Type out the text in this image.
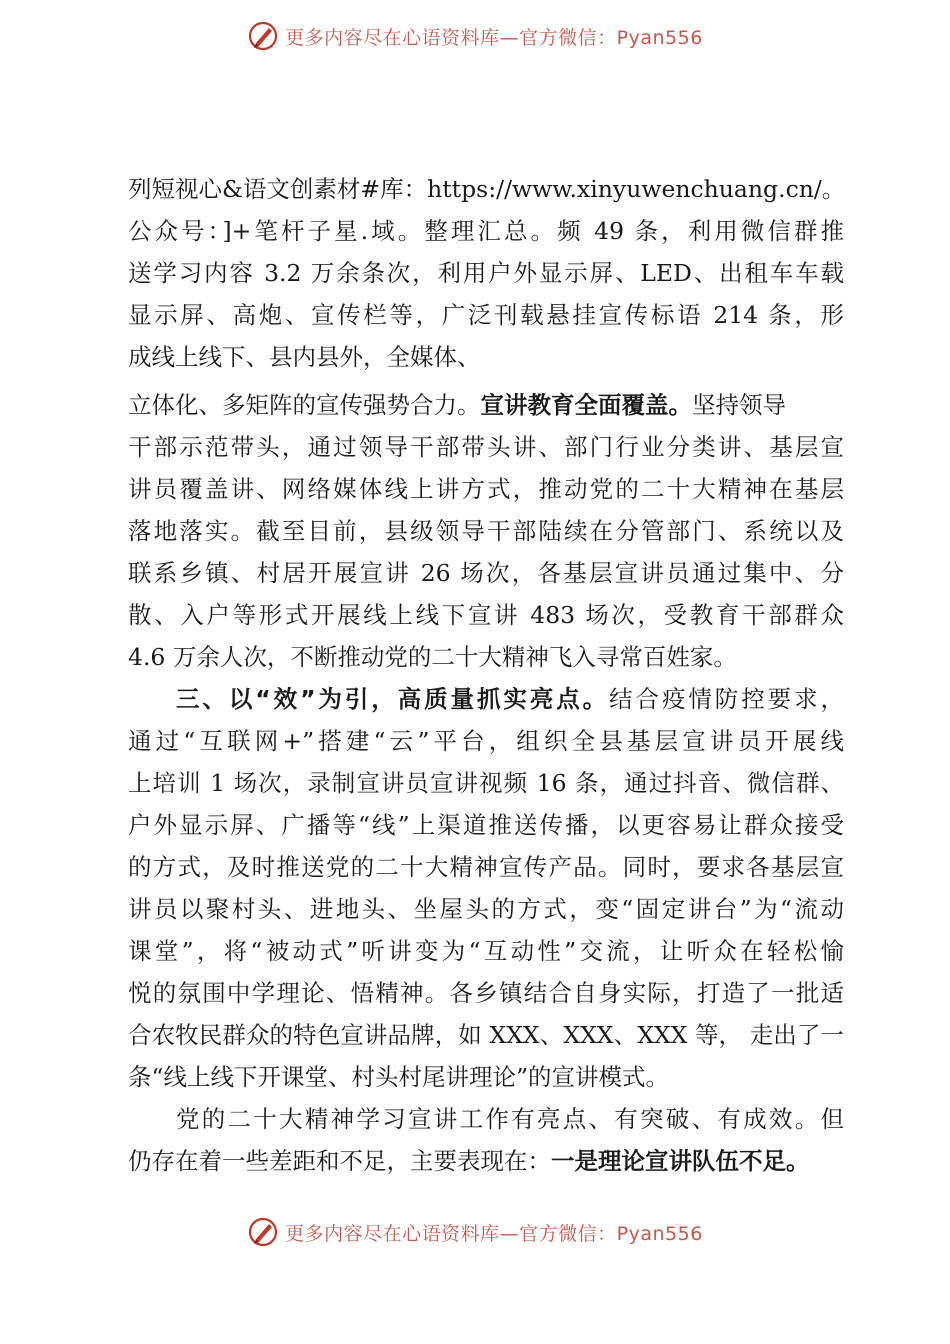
更多内容尽在心语资料库—官方微信：Pyan556
列短视心&语文创素材#库：https://www.xinyuwenchuang.cn/。
公众号：]+笔杆子星.域。整理汇总。频 49 条，利用微信群推
送学习内容 3.2 万余条次，利用户外显示屏、LED、出租车车载
显示屏、高炮、宣传栏等，广泛刊载悬挂宣传标语 214 条，形
成线上线下、县内县外，全媒体、
立体化、多矩阵的宣传强势合力。宣讲教育全面覆盖。坚持领导
干部示范带头，通过领导干部带头讲、部门行业分类讲、基层宣
讲员覆盖讲、网络媒体线上讲方式，推动党的二十大精神在基层
落地落实。截至目前，县级领导干部陆续在分管部门、系统以及
联系乡镇、村居开展宣讲 26 场次，各基层宣讲员通过集中、分
散、入户等形式开展线上线下宣讲 483 场次，受教育干部群众
4.6 万余人次，不断推动党的二十大精神飞入寻常百姓家。
三、以“效”为引，高质量抓实亮点。结合疫情防控要求，
通过“互联网+”搭建“云”平台，组织全县基层宣讲员开展线
上培训 1 场次，录制宣讲员宣讲视频 16 条，通过抖音、微信群、
户外显示屏、广播等“线”上渠道推送传播，以更容易让群众接受
的方式，及时推送党的二十大精神宣传产品。同时，要求各基层宣
讲员以聚村头、进地头、坐屋头的方式，变“固定讲台”为“流动
课堂”，将“被动式”听讲变为“互动性”交流，让听众在轻松愉
悦的氛围中学理论、悟精神。各乡镇结合自身实际，打造了一批适
合农牧民群众的特色宣讲品牌，如 XXX、XXX、XXX 等， 走出了一
条“线上线下开课堂、村头村尾讲理论”的宣讲模式。
党的二十大精神学习宣讲工作有亮点、有突破、有成效。但
仍存在着一些差距和不足，主要表现在：一是理论宣讲队伍不足。
更多内容尽在心语资料库—官方微信：Pyan556
